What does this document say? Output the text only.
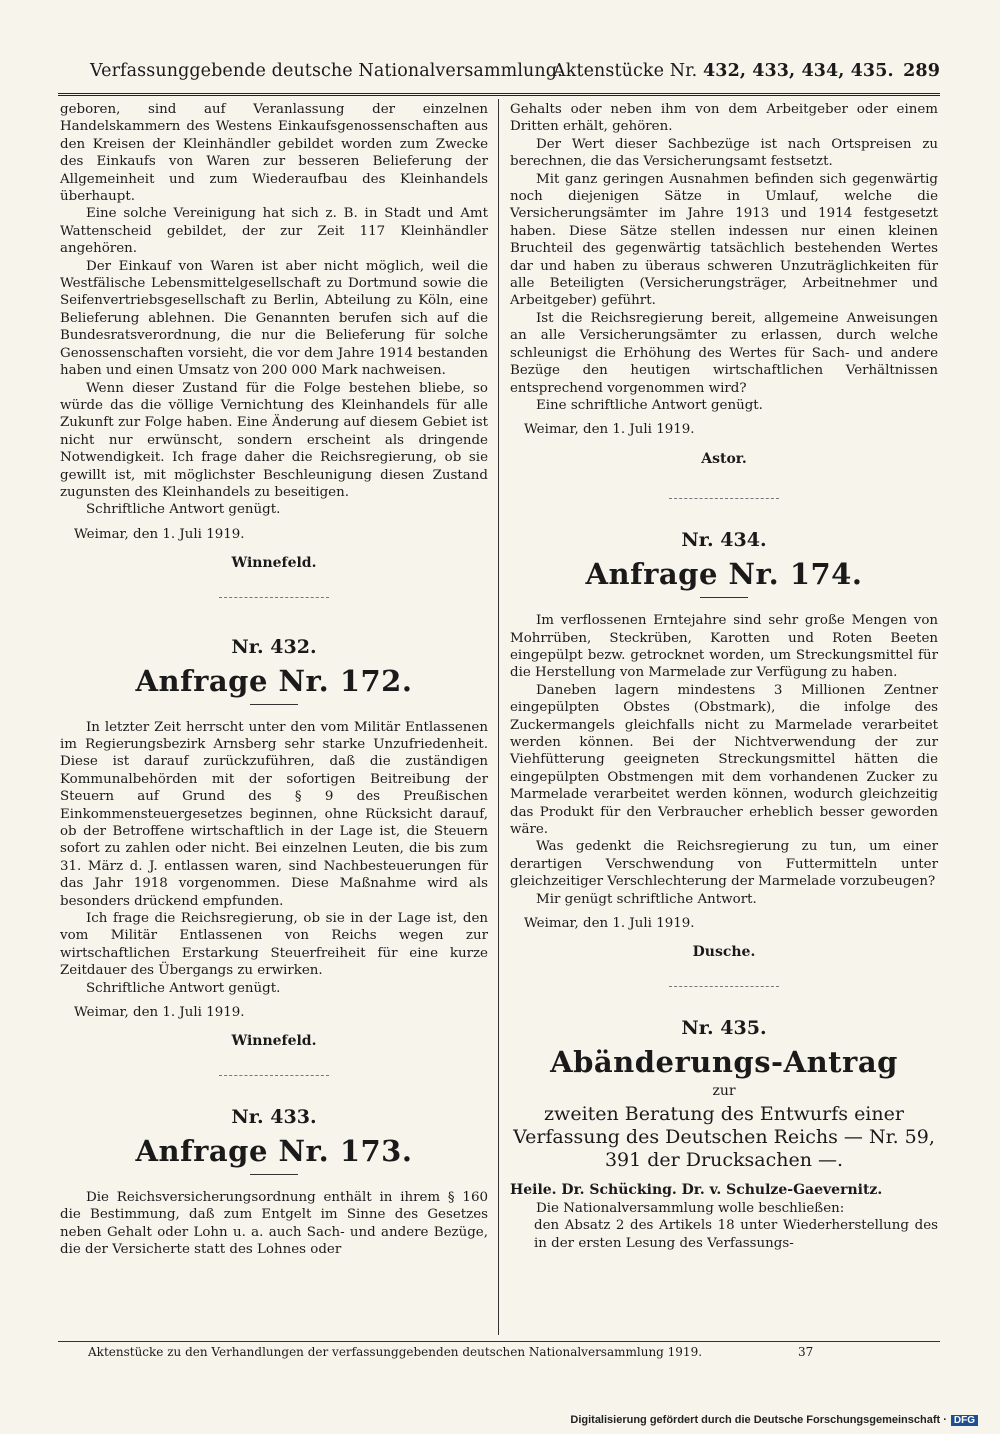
Verfassunggebende deutsche Nationalversammlung.
Aktenstücke Nr. 432, 433, 434, 435. 289

geboren, sind auf Veranlassung der einzelnen Handelskammern des Westens Einkaufsgenossenschaften aus den Kreisen der Kleinhändler gebildet worden zum Zwecke des Einkaufs von Waren zur besseren Belieferung der Allgemeinheit und zum Wiederaufbau des Kleinhandels überhaupt.

Eine solche Vereinigung hat sich z. B. in Stadt und Amt Wattenscheid gebildet, der zur Zeit 117 Kleinhändler angehören.

Der Einkauf von Waren ist aber nicht möglich, weil die Westfälische Lebensmittelgesellschaft zu Dortmund sowie die Seifenvertriebsgesellschaft zu Berlin, Abteilung zu Köln, eine Belieferung ablehnen. Die Genannten berufen sich auf die Bundesratsverordnung, die nur die Belieferung für solche Genossenschaften vorsieht, die vor dem Jahre 1914 bestanden haben und einen Umsatz von 200 000 Mark nachweisen.

Wenn dieser Zustand für die Folge bestehen bliebe, so würde das die völlige Vernichtung des Kleinhandels für alle Zukunft zur Folge haben. Eine Änderung auf diesem Gebiet ist nicht nur erwünscht, sondern erscheint als dringende Notwendigkeit. Ich frage daher die Reichsregierung, ob sie gewillt ist, mit möglichster Beschleunigung diesen Zustand zugunsten des Kleinhandels zu beseitigen.

Schriftliche Antwort genügt.

Weimar, den 1. Juli 1919.

Winnefeld.

Nr. 432.
Anfrage Nr. 172.

In letzter Zeit herrscht unter den vom Militär Entlassenen im Regierungsbezirk Arnsberg sehr starke Unzufriedenheit. Diese ist darauf zurückzuführen, daß die zuständigen Kommunalbehörden mit der sofortigen Beitreibung der Steuern auf Grund des § 9 des Preußischen Einkommensteuergesetzes beginnen, ohne Rücksicht darauf, ob der Betroffene wirtschaftlich in der Lage ist, die Steuern sofort zu zahlen oder nicht. Bei einzelnen Leuten, die bis zum 31. März d. J. entlassen waren, sind Nachbesteuerungen für das Jahr 1918 vorgenommen. Diese Maßnahme wird als besonders drückend empfunden.

Ich frage die Reichsregierung, ob sie in der Lage ist, den vom Militär Entlassenen von Reichs wegen zur wirtschaftlichen Erstarkung Steuerfreiheit für eine kurze Zeitdauer des Übergangs zu erwirken.

Schriftliche Antwort genügt.

Weimar, den 1. Juli 1919.

Winnefeld.

Nr. 433.
Anfrage Nr. 173.

Die Reichsversicherungsordnung enthält in ihrem § 160 die Bestimmung, daß zum Entgelt im Sinne des Gesetzes neben Gehalt oder Lohn u. a. auch Sach- und andere Bezüge, die der Versicherte statt des Lohnes oder

Gehalts oder neben ihm von dem Arbeitgeber oder einem Dritten erhält, gehören.

Der Wert dieser Sachbezüge ist nach Ortspreisen zu berechnen, die das Versicherungsamt festsetzt.

Mit ganz geringen Ausnahmen befinden sich gegenwärtig noch diejenigen Sätze in Umlauf, welche die Versicherungsämter im Jahre 1913 und 1914 festgesetzt haben. Diese Sätze stellen indessen nur einen kleinen Bruchteil des gegenwärtig tatsächlich bestehenden Wertes dar und haben zu überaus schweren Unzuträglichkeiten für alle Beteiligten (Versicherungsträger, Arbeitnehmer und Arbeitgeber) geführt.

Ist die Reichsregierung bereit, allgemeine Anweisungen an alle Versicherungsämter zu erlassen, durch welche schleunigst die Erhöhung des Wertes für Sach- und andere Bezüge den heutigen wirtschaftlichen Verhältnissen entsprechend vorgenommen wird?

Eine schriftliche Antwort genügt.

Weimar, den 1. Juli 1919.

Astor.

Nr. 434.
Anfrage Nr. 174.

Im verflossenen Erntejahre sind sehr große Mengen von Mohrrüben, Steckrüben, Karotten und Roten Beeten eingepülpt bezw. getrocknet worden, um Streckungsmittel für die Herstellung von Marmelade zur Verfügung zu haben.

Daneben lagern mindestens 3 Millionen Zentner eingepülpten Obstes (Obstmark), die infolge des Zuckermangels gleichfalls nicht zu Marmelade verarbeitet werden können. Bei der Nichtverwendung der zur Viehfütterung geeigneten Streckungsmittel hätten die eingepülpten Obstmengen mit dem vorhandenen Zucker zu Marmelade verarbeitet werden können, wodurch gleichzeitig das Produkt für den Verbraucher erheblich besser geworden wäre.

Was gedenkt die Reichsregierung zu tun, um einer derartigen Verschwendung von Futtermitteln unter gleichzeitiger Verschlechterung der Marmelade vorzubeugen?

Mir genügt schriftliche Antwort.

Weimar, den 1. Juli 1919.

Dusche.

Nr. 435.
Abänderungs-Antrag
zur
zweiten Beratung des Entwurfs einer Verfassung des Deutschen Reichs — Nr. 59, 391 der Drucksachen —.
Heile. Dr. Schücking. Dr. v. Schulze-Gaevernitz.

Die Nationalversammlung wolle beschließen:

den Absatz 2 des Artikels 18 unter Wiederherstellung des in der ersten Lesung des Verfassungs-

Aktenstücke zu den Verhandlungen der verfassunggebenden deutschen Nationalversammlung 1919.	37
Digitalisierung gefördert durch die Deutsche Forschungsgemeinschaft · DFG
